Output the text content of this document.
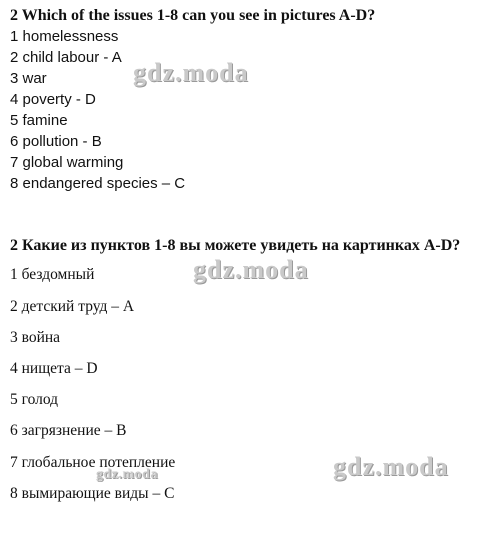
2 Which of the issues 1-8 can you see in pictures A-D?
1 homelessness
2 child labour - A
3 war
4 poverty - D
5 famine
6 pollution - B
7 global warming
8 endangered species – C
2 Какие из пунктов 1-8 вы можете увидеть на картинках A-D?
1 бездомный
2 детский труд – A
3 война
4 нищета – D
5 голод
6 загрязнение – B
7 глобальное потепление
8 вымирающие виды – C
gdz.moda
gdz.moda
gdz.moda
gdz.moda
